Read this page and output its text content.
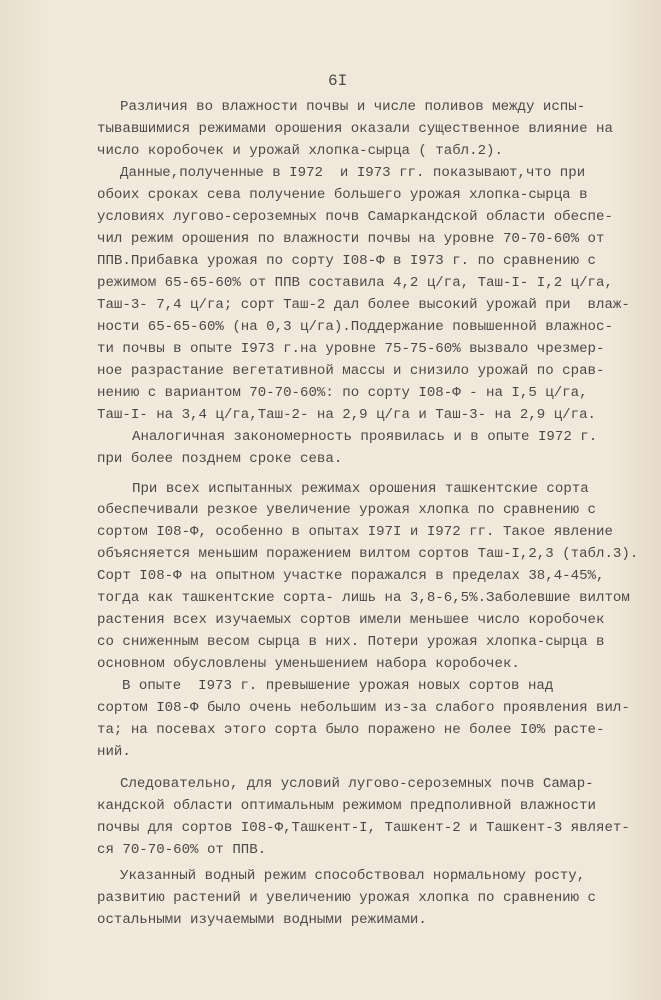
6I
Различия во влажности почвы и числе поливов между испы-
тывавшимися режимами орошения оказали существенное влияние на
число коробочек и урожай хлопка-сырца ( табл.2).
Данные,полученные в I972  и I973 гг. показывают,что при
обоих сроках сева получение большего урожая хлопка-сырца в
условиях лугово-сероземных почв Самаркандской области обеспе-
чил режим орошения по влажности почвы на уровне 70-70-60% от
ППВ.Прибавка урожая по сорту I08-Ф в I973 г. по сравнению с
режимом 65-65-60% от ППВ составила 4,2 ц/га, Таш-I- I,2 ц/га,
Таш-3- 7,4 ц/га; сорт Таш-2 дал более высокий урожай при  влаж-
ности 65-65-60% (на 0,3 ц/га).Поддержание повышенной влажнос-
ти почвы в опыте I973 г.на уровне 75-75-60% вызвало чрезмер-
ное разрастание вегетативной массы и снизило урожай по срав-
нению с вариантом 70-70-60%: по сорту I08-Ф - на I,5 ц/га,
Таш-I- на 3,4 ц/га,Таш-2- на 2,9 ц/га и Таш-3- на 2,9 ц/га.
Аналогичная закономерность проявилась и в опыте I972 г.
при более позднем сроке сева.
При всех испытанных режимах орошения ташкентские сорта
обеспечивали резкое увеличение урожая хлопка по сравнению с
сортом I08-Ф, особенно в опытах I97I и I972 гг. Такое явление
объясняется меньшим поражением вилтом сортов Таш-I,2,3 (табл.3).
Сорт I08-Ф на опытном участке поражался в пределах 38,4-45%,
тогда как ташкентские сорта- лишь на 3,8-6,5%.Заболевшие вилтом
растения всех изучаемых сортов имели меньшее число коробочек
со сниженным весом сырца в них. Потери урожая хлопка-сырца в
основном обусловлены уменьшением набора коробочек.
В опыте  I973 г. превышение урожая новых сортов над
сортом I08-Ф было очень небольшим из-за слабого проявления вил-
та; на посевах этого сорта было поражено не более I0% расте-
ний.
Следовательно, для условий лугово-сероземных почв Самар-
кандской области оптимальным режимом предполивной влажности
почвы для сортов I08-Ф,Ташкент-I, Ташкент-2 и Ташкент-3 являет-
ся 70-70-60% от ППВ.
Указанный водный режим способствовал нормальному росту,
развитию растений и увеличению урожая хлопка по сравнению с
остальными изучаемыми водными режимами.
